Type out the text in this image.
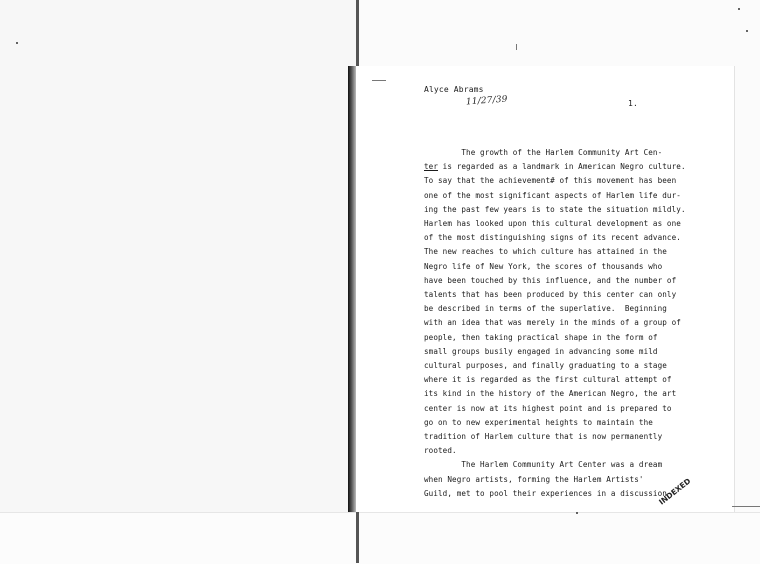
Alyce Abrams
11/27/39	1.
The growth of the Harlem Community Art Cen-
ter is regarded as a landmark in American Negro culture.
To say that the achievement# of this movement has been
one of the most significant aspects of Harlem life dur-
ing the past few years is to state the situation mildly.
Harlem has looked upon this cultural development as one
of the most distinguishing signs of its recent advance.
The new reaches to which culture has attained in the
Negro life of New York, the scores of thousands who
have been touched by this influence, and the number of
talents that has been produced by this center can only
be described in terms of the superlative.  Beginning
with an idea that was merely in the minds of a group of
people, then taking practical shape in the form of
small groups busily engaged in advancing some mild
cultural purposes, and finally graduating to a stage
where it is regarded as the first cultural attempt of
its kind in the history of the American Negro, the art
center is now at its highest point and is prepared to
go on to new experimental heights to maintain the
tradition of Harlem culture that is now permanently
rooted.
The Harlem Community Art Center was a dream
when Negro artists, forming the Harlem Artists'
Guild, met to pool their experiences in a discussion
INDEXED
